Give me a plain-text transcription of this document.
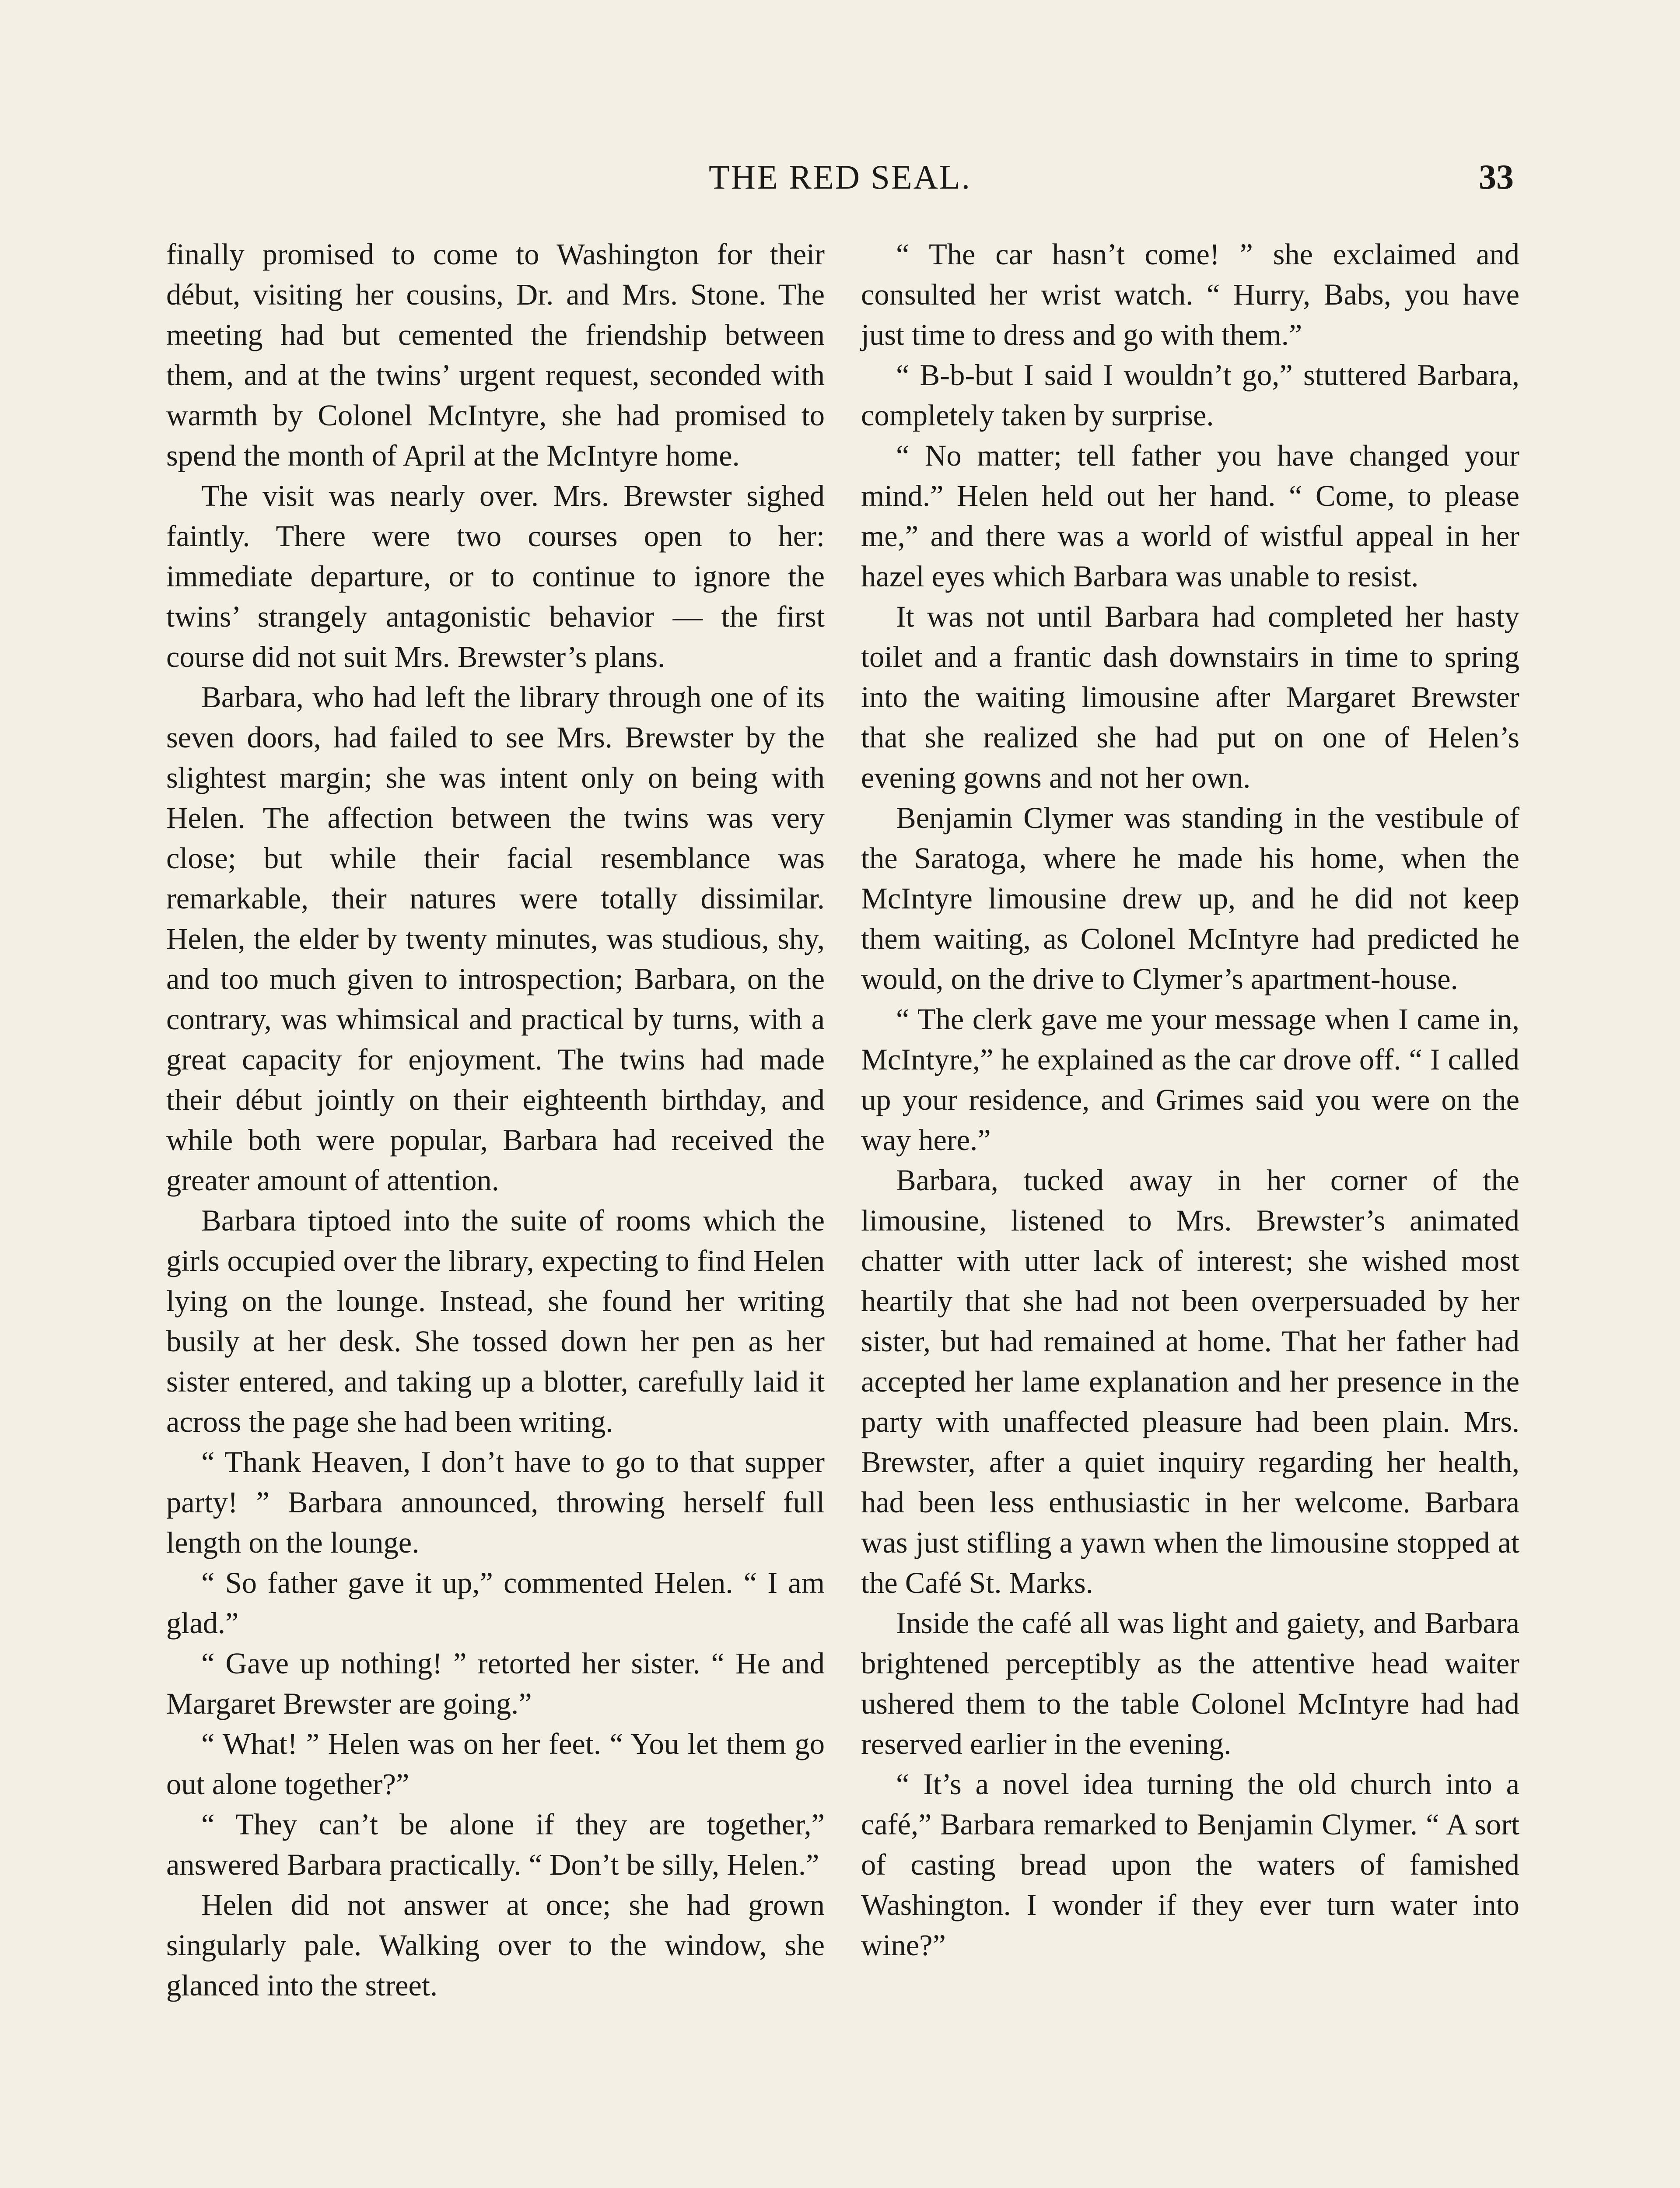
THE RED SEAL.	33

finally promised to come to Washington for their début, visiting her cousins, Dr. and Mrs. Stone. The meeting had but cemented the friendship between them, and at the twins’ urgent request, seconded with warmth by Colonel McIntyre, she had promised to spend the month of April at the McIntyre home.

The visit was nearly over. Mrs. Brewster sighed faintly. There were two courses open to her: immediate departure, or to continue to ignore the twins’ strangely antagonistic behavior — the first course did not suit Mrs. Brewster’s plans.

Barbara, who had left the library through one of its seven doors, had failed to see Mrs. Brewster by the slightest margin; she was intent only on being with Helen. The affection between the twins was very close; but while their facial resemblance was remarkable, their natures were totally dissimilar. Helen, the elder by twenty minutes, was studious, shy, and too much given to introspection; Barbara, on the contrary, was whimsical and practical by turns, with a great capacity for enjoyment. The twins had made their début jointly on their eighteenth birthday, and while both were popular, Barbara had received the greater amount of attention.

Barbara tiptoed into the suite of rooms which the girls occupied over the library, expecting to find Helen lying on the lounge. Instead, she found her writing busily at her desk. She tossed down her pen as her sister entered, and taking up a blotter, carefully laid it across the page she had been writing.

“ Thank Heaven, I don’t have to go to that supper party! ” Barbara announced, throwing herself full length on the lounge.

“ So father gave it up,” commented Helen. “ I am glad.”

“ Gave up nothing! ” retorted her sister. “ He and Margaret Brewster are going.”

“ What! ” Helen was on her feet. “ You let them go out alone together?”

“ They can’t be alone if they are together,” answered Barbara practically. “ Don’t be silly, Helen.”

Helen did not answer at once; she had grown singularly pale. Walking over to the window, she glanced into the street.

“ The car hasn’t come! ” she exclaimed and consulted her wrist watch. “ Hurry, Babs, you have just time to dress and go with them.”

“ B-b-but I said I wouldn’t go,” stuttered Barbara, completely taken by surprise.

“ No matter; tell father you have changed your mind.” Helen held out her hand. “ Come, to please me,” and there was a world of wistful appeal in her hazel eyes which Barbara was unable to resist.

It was not until Barbara had completed her hasty toilet and a frantic dash downstairs in time to spring into the waiting limousine after Margaret Brewster that she realized she had put on one of Helen’s evening gowns and not her own.

Benjamin Clymer was standing in the vestibule of the Saratoga, where he made his home, when the McIntyre limousine drew up, and he did not keep them waiting, as Colonel McIntyre had predicted he would, on the drive to Clymer’s apartment-house.

“ The clerk gave me your message when I came in, McIntyre,” he explained as the car drove off. “ I called up your residence, and Grimes said you were on the way here.”

Barbara, tucked away in her corner of the limousine, listened to Mrs. Brewster’s animated chatter with utter lack of interest; she wished most heartily that she had not been overpersuaded by her sister, but had remained at home. That her father had accepted her lame explanation and her presence in the party with unaffected pleasure had been plain. Mrs. Brewster, after a quiet inquiry regarding her health, had been less enthusiastic in her welcome. Barbara was just stifling a yawn when the limousine stopped at the Café St. Marks.

Inside the café all was light and gaiety, and Barbara brightened perceptibly as the attentive head waiter ushered them to the table Colonel McIntyre had had reserved earlier in the evening.

“ It’s a novel idea turning the old church into a café,” Barbara remarked to Benjamin Clymer. “ A sort of casting bread upon the waters of famished Washington. I wonder if they ever turn water into wine?”
